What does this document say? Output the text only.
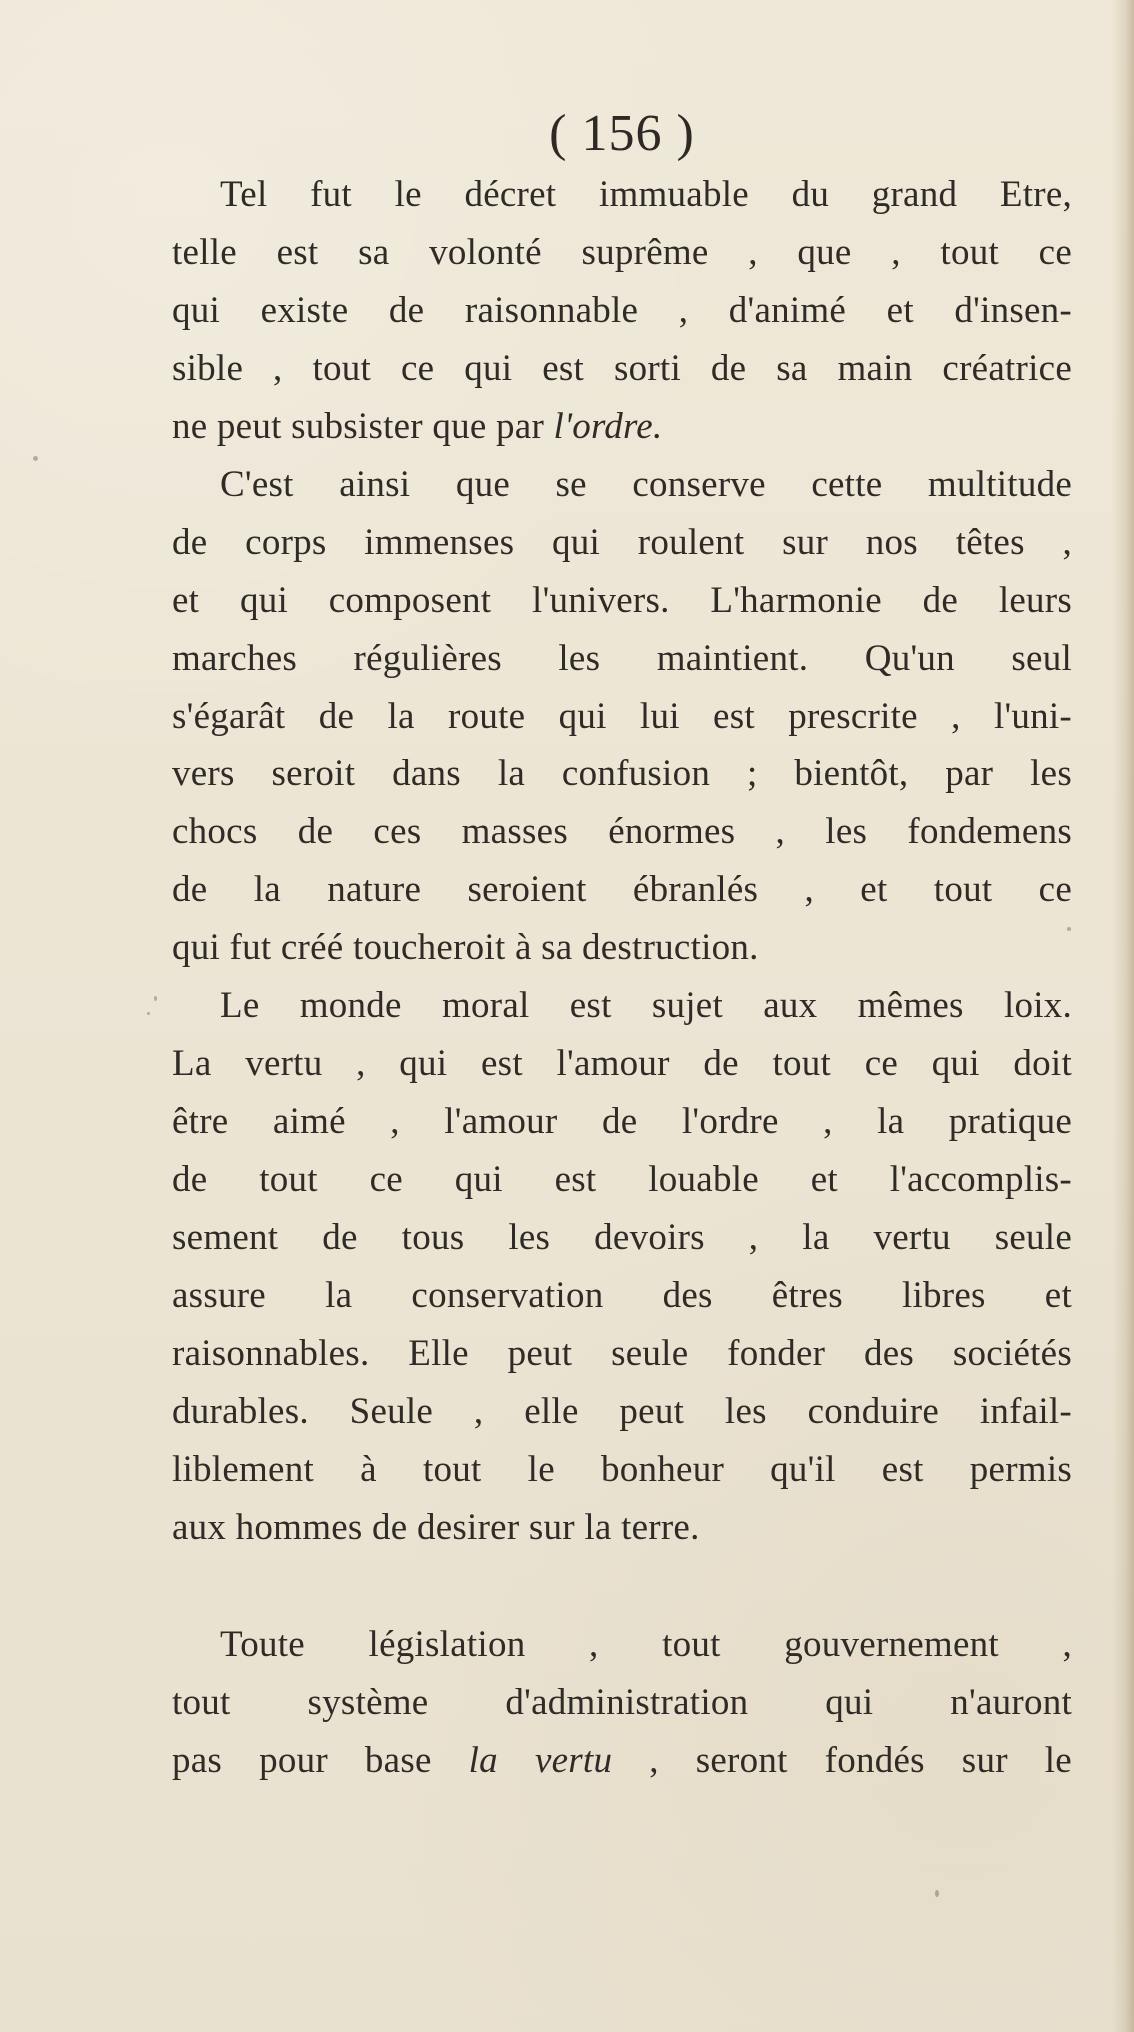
( 156 )
Tel fut le décret immuable du grand Etre,
telle est sa volonté suprême , que , tout ce
qui existe de raisonnable , d'animé et d'insen-
sible , tout ce qui est sorti de sa main créatrice
ne peut subsister que par l'ordre.
C'est ainsi que se conserve cette multitude
de corps immenses qui roulent sur nos têtes ,
et qui composent l'univers. L'harmonie de leurs
marches régulières les maintient. Qu'un seul
s'égarât de la route qui lui est prescrite , l'uni-
vers seroit dans la confusion ; bientôt, par les
chocs de ces masses énormes , les fondemens
de la nature seroient ébranlés , et tout ce
qui fut créé toucheroit à sa destruction.
Le monde moral est sujet aux mêmes loix.
La vertu , qui est l'amour de tout ce qui doit
être aimé , l'amour de l'ordre , la pratique
de tout ce qui est louable et l'accomplis-
sement de tous les devoirs , la vertu seule
assure la conservation des êtres libres et
raisonnables. Elle peut seule fonder des sociétés
durables. Seule , elle peut les conduire infail-
liblement à tout le bonheur qu'il est permis
aux hommes de desirer sur la terre.
Toute législation , tout gouvernement ,
tout système d'administration qui n'auront
pas pour base la vertu , seront fondés sur le
